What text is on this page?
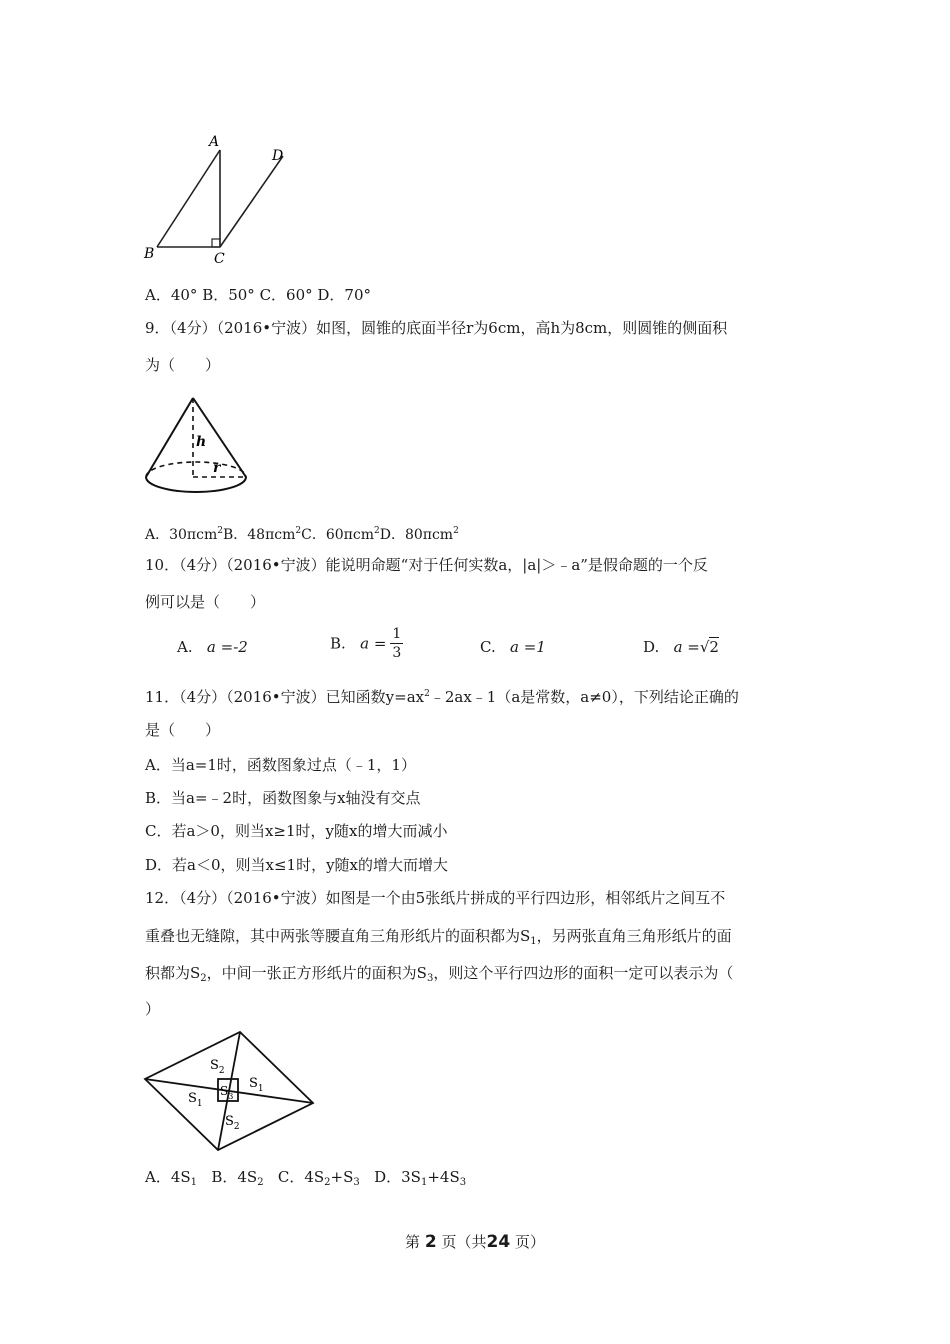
A
B	C
D
A．40° B．50° C．60° D．70°
9．（4分）（2016•宁波）如图，圆锥的底面半径r为6cm，高h为8cm，则圆锥的侧面积
为（　　）
h
r
A．30πcm$^2$B．48πcm$^2$C．60πcm$^2$D．80πcm$^2$
10．（4分）（2016•宁波）能说明命题“对于任何实数a，|a|＞﹣a”是假命题的一个反
例可以是（　　）
A. a =-2	B. $a = \frac{1}{3}$	C. a =1	D. a =√2
11．（4分）（2016•宁波）已知函数$y=ax^2﹣2ax﹣1(a$是常数，a≠0），下列结论正确的
是（　　）
A．当a=1时，函数图象过点（﹣1，1）
B．当a=﹣2时，函数图象与x轴没有交点
C．若a＞0，则当x≥1时，y随x的增大而减小
D．若a＜0，则当x≤1时，y随x的增大而增大
12．（4分）（2016•宁波）如图是一个由5张纸片拼成的平行四边形，相邻纸片之间互不
重叠也无缝隙，其中两张等腰直角三角形纸片的面积都为$S_1$，另两张直角三角形纸片的面
积都为$S_2$，中间一张正方形纸片的面积为$S_3$，则这个平行四边形的面积一定可以表示为（
）
$S_2$
$S_1$
$S_3$
$S_1$
$S_2$
A．$4S_1$ B．$4S_2$ C．$4S_2+S_3$ D．$3S_1+4S_3$
第 2 页（共24 页）
